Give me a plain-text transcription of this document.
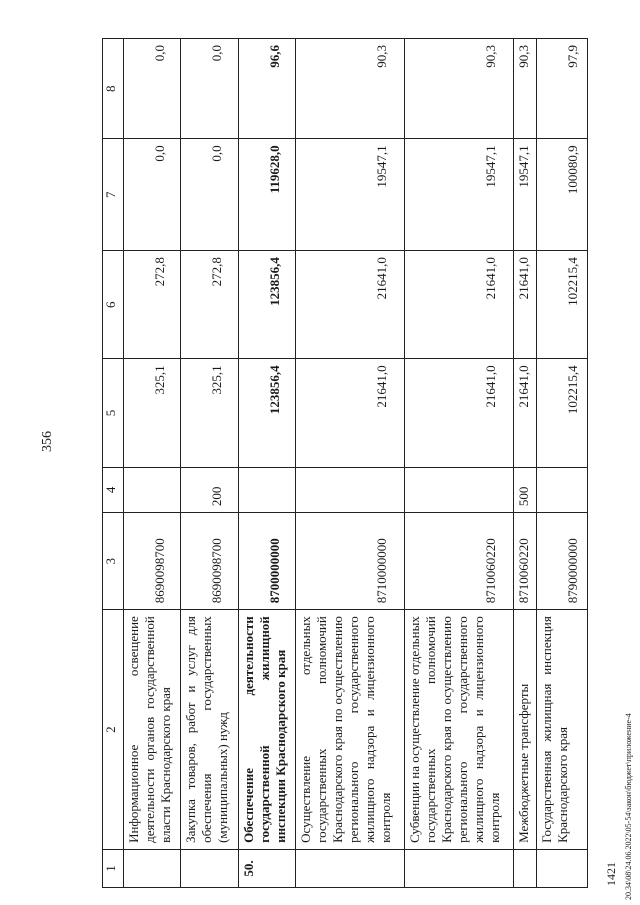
356
20.34\08\24.06.2022\05-54\закон\бюджет\приложение-4
1421
1	2	3	4	5	6	7	8
	Информационное освещение деятельности органов государственной власти Краснодарского края	8690098700		325,1	272,8	0,0	0,0
	Закупка товаров, работ и услуг для обеспечения государственных (муниципальных) нужд	8690098700	200	325,1	272,8	0,0	0,0
50.	Обеспечение деятельности государственной жилищной инспекции Краснодарского края	8700000000		123856,4	123856,4	119628,0	96,6
	Осуществление отдельных государственных полномочий Краснодарского края по осуществлению регионального государственного жилищного надзора и лицензионного контроля	8710000000		21641,0	21641,0	19547,1	90,3
	Субвенции на осуществление отдельных государственных полномочий Краснодарского края по осуществлению регионального государственного жилищного надзора и лицензионного контроля	8710060220		21641,0	21641,0	19547,1	90,3
	Межбюджетные трансферты	8710060220	500	21641,0	21641,0	19547,1	90,3
	Государственная жилищная инспекция Краснодарского края	8790000000		102215,4	102215,4	100080,9	97,9
